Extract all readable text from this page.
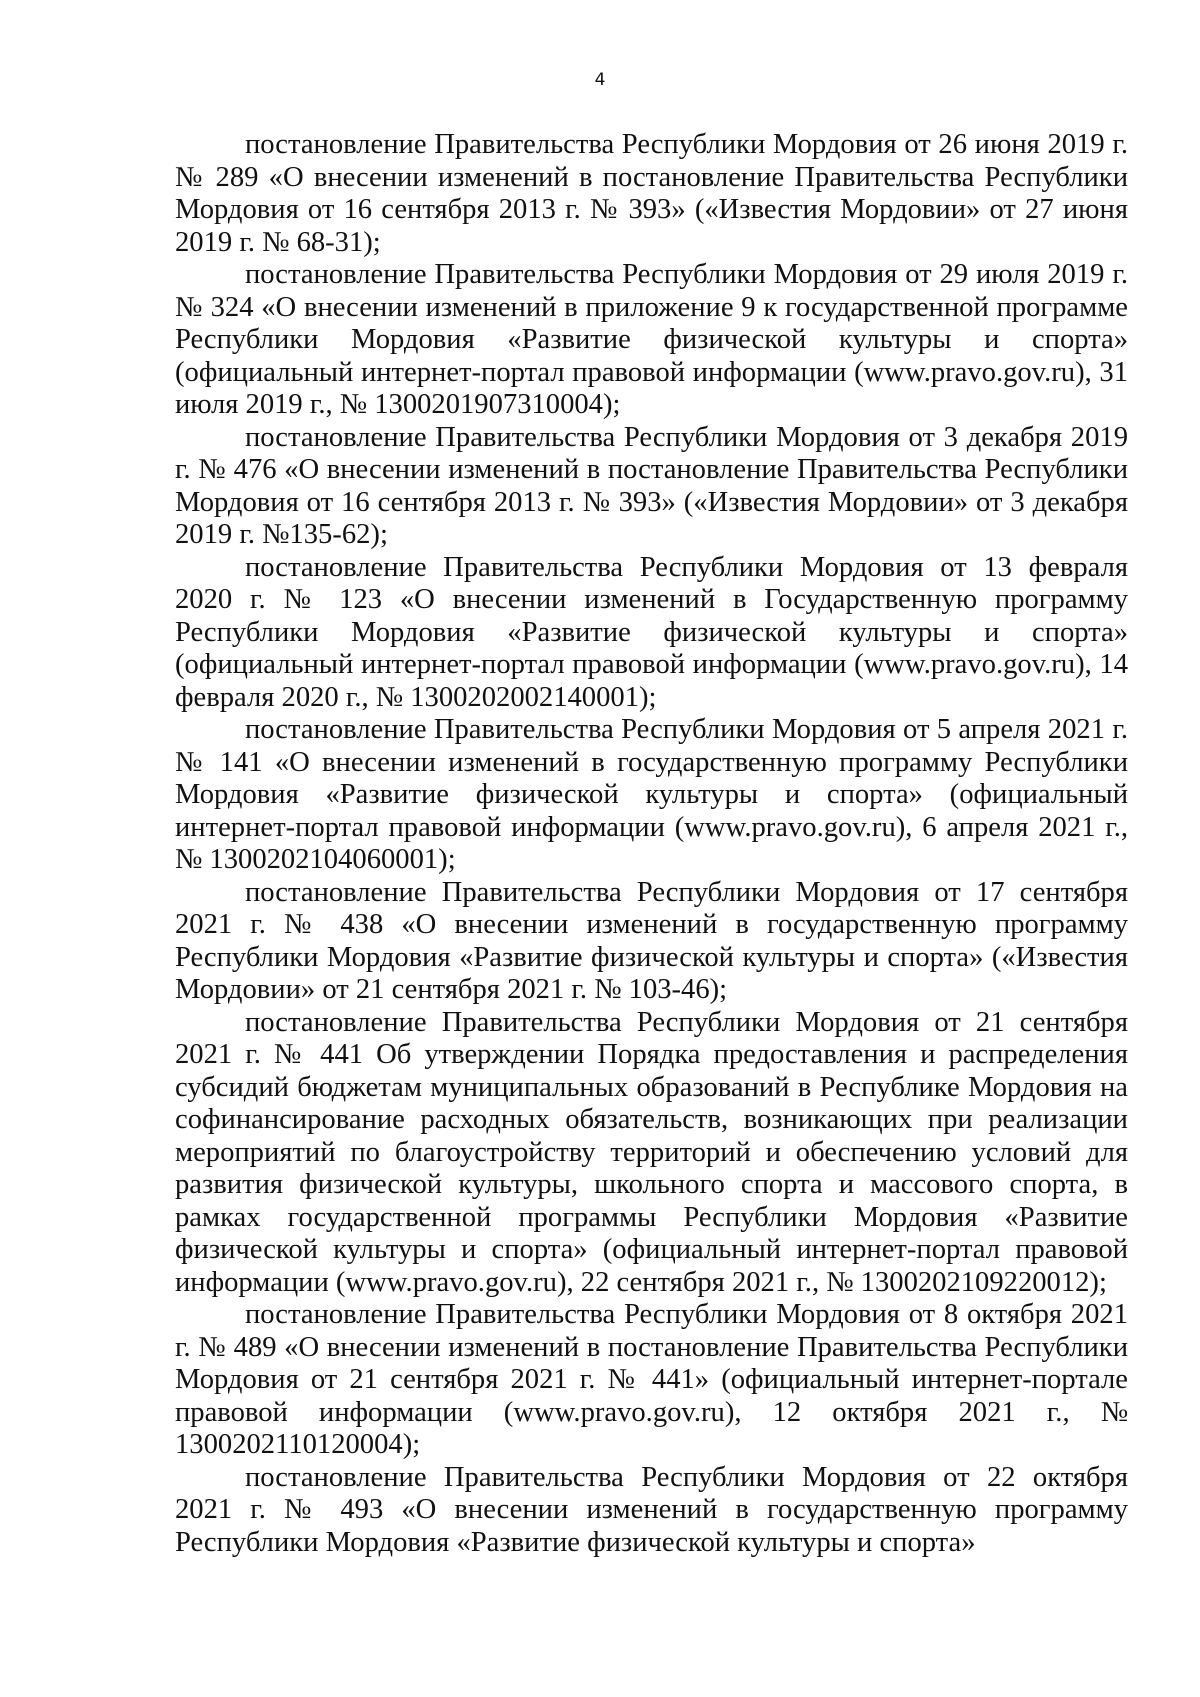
4

постановление Правительства Республики Мордовия от 26 июня 2019 г. № 289 «О внесении изменений в постановление Правительства Республики Мордовия от 16 сентября 2013 г. № 393» («Известия Мордовии» от 27 июня 2019 г. № 68-31);

постановление Правительства Республики Мордовия от 29 июля 2019 г. № 324 «О внесении изменений в приложение 9 к государственной программе Республики Мордовия «Развитие физической культуры и спорта» (официальный интернет-портал правовой информации (www.pravo.gov.ru), 31 июля 2019 г., № 1300201907310004);

постановление Правительства Республики Мордовия от 3 декабря 2019 г. № 476 «О внесении изменений в постановление Правительства Республики Мордовия от 16 сентября 2013 г. № 393» («Известия Мордовии» от 3 декабря 2019 г. №135-62);

постановление Правительства Республики Мордовия от 13 февраля 2020 г. № 123 «О внесении изменений в Государственную программу Республики Мордовия «Развитие физической культуры и спорта» (официальный интернет-портал правовой информации (www.pravo.gov.ru), 14 февраля 2020 г., № 1300202002140001);

постановление Правительства Республики Мордовия от 5 апреля 2021 г. № 141 «О внесении изменений в государственную программу Республики Мордовия «Развитие физической культуры и спорта» (официальный интернет-портал правовой информации (www.pravo.gov.ru), 6 апреля 2021 г., № 1300202104060001);

постановление Правительства Республики Мордовия от 17 сентября 2021 г. № 438 «О внесении изменений в государственную программу Республики Мордовия «Развитие физической культуры и спорта» («Известия Мордовии» от 21 сентября 2021 г. № 103-46);

постановление Правительства Республики Мордовия от 21 сентября 2021 г. № 441 Об утверждении Порядка предоставления и распределения субсидий бюджетам муниципальных образований в Республике Мордовия на софинансирование расходных обязательств, возникающих при реализации мероприятий по благоустройству территорий и обеспечению условий для развития физической культуры, школьного спорта и массового спорта, в рамках государственной программы Республики Мордовия «Развитие физической культуры и спорта» (официальный интернет-портал правовой информации (www.pravo.gov.ru), 22 сентября 2021 г., № 1300202109220012);

постановление Правительства Республики Мордовия от 8 октября 2021 г. № 489 «О внесении изменений в постановление Правительства Республики Мордовия от 21 сентября 2021 г. № 441» (официальный интернет-портале правовой информации (www.pravo.gov.ru), 12 октября 2021 г., № 1300202110120004);

постановление Правительства Республики Мордовия от 22 октября 2021 г. № 493 «О внесении изменений в государственную программу Республики Мордовия «Развитие физической культуры и спорта»
